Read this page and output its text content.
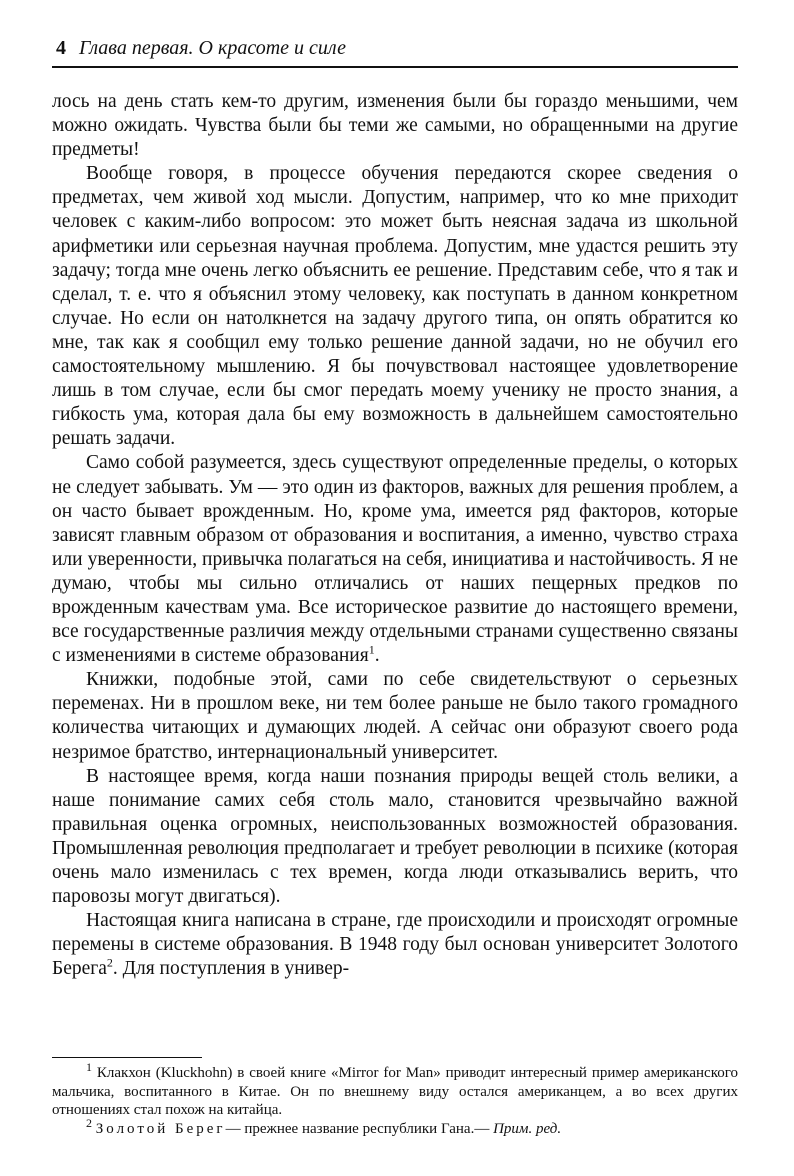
4 Глава первая. О красоте и силе

лось на день стать кем-то другим, изменения были бы гораздо меньшими, чем можно ожидать. Чувства были бы теми же самыми, но обращенными на другие предметы!

Вообще говоря, в процессе обучения передаются скорее сведения о предметах, чем живой ход мысли. Допустим, например, что ко мне приходит человек с каким-либо вопросом: это может быть неясная задача из школьной арифметики или серьезная научная проблема. Допустим, мне удастся решить эту задачу; тогда мне очень легко объяснить ее решение. Представим себе, что я так и сделал, т. е. что я объяснил этому человеку, как поступать в данном конкретном случае. Но если он натолкнется на задачу другого типа, он опять обратится ко мне, так как я сообщил ему только решение данной задачи, но не обучил его самостоятельному мышлению. Я бы почувствовал настоящее удовлетворение лишь в том случае, если бы смог передать моему ученику не просто знания, а гибкость ума, которая дала бы ему возможность в дальнейшем самостоятельно решать задачи.

Само собой разумеется, здесь существуют определенные пределы, о которых не следует забывать. Ум — это один из факторов, важных для решения проблем, а он часто бывает врожденным. Но, кроме ума, имеется ряд факторов, которые зависят главным образом от образования и воспитания, а именно, чувство страха или уверенности, привычка полагаться на себя, инициатива и настойчивость. Я не думаю, чтобы мы сильно отличались от наших пещерных предков по врожденным качествам ума. Все историческое развитие до настоящего времени, все государственные различия между отдельными странами существенно связаны с изменениями в системе образования$^1$.

Книжки, подобные этой, сами по себе свидетельствуют о серьезных переменах. Ни в прошлом веке, ни тем более раньше не было такого громадного количества читающих и думающих людей. А сейчас они образуют своего рода незримое братство, интернациональный университет.

В настоящее время, когда наши познания природы вещей столь велики, а наше понимание самих себя столь мало, становится чрезвычайно важной правильная оценка огромных, неиспользованных возможностей образования. Промышленная революция предполагает и требует революции в психике (которая очень мало изменилась с тех времен, когда люди отказывались верить, что паровозы могут двигаться).

Настоящая книга написана в стране, где происходили и происходят огромные перемены в системе образования. В 1948 году был основан университет Золотого Берега$^2$. Для поступления в универ-

$^1$ Клакхон (Kluckhohn) в своей книге «Mirror for Man» приводит интересный пример американского мальчика, воспитанного в Китае. Он по внешнему виду остался американцем, а во всех других отношениях стал похож на китайца.

$^2$ Золотой Берег— прежнее название республики Гана.— Прим. ред.
